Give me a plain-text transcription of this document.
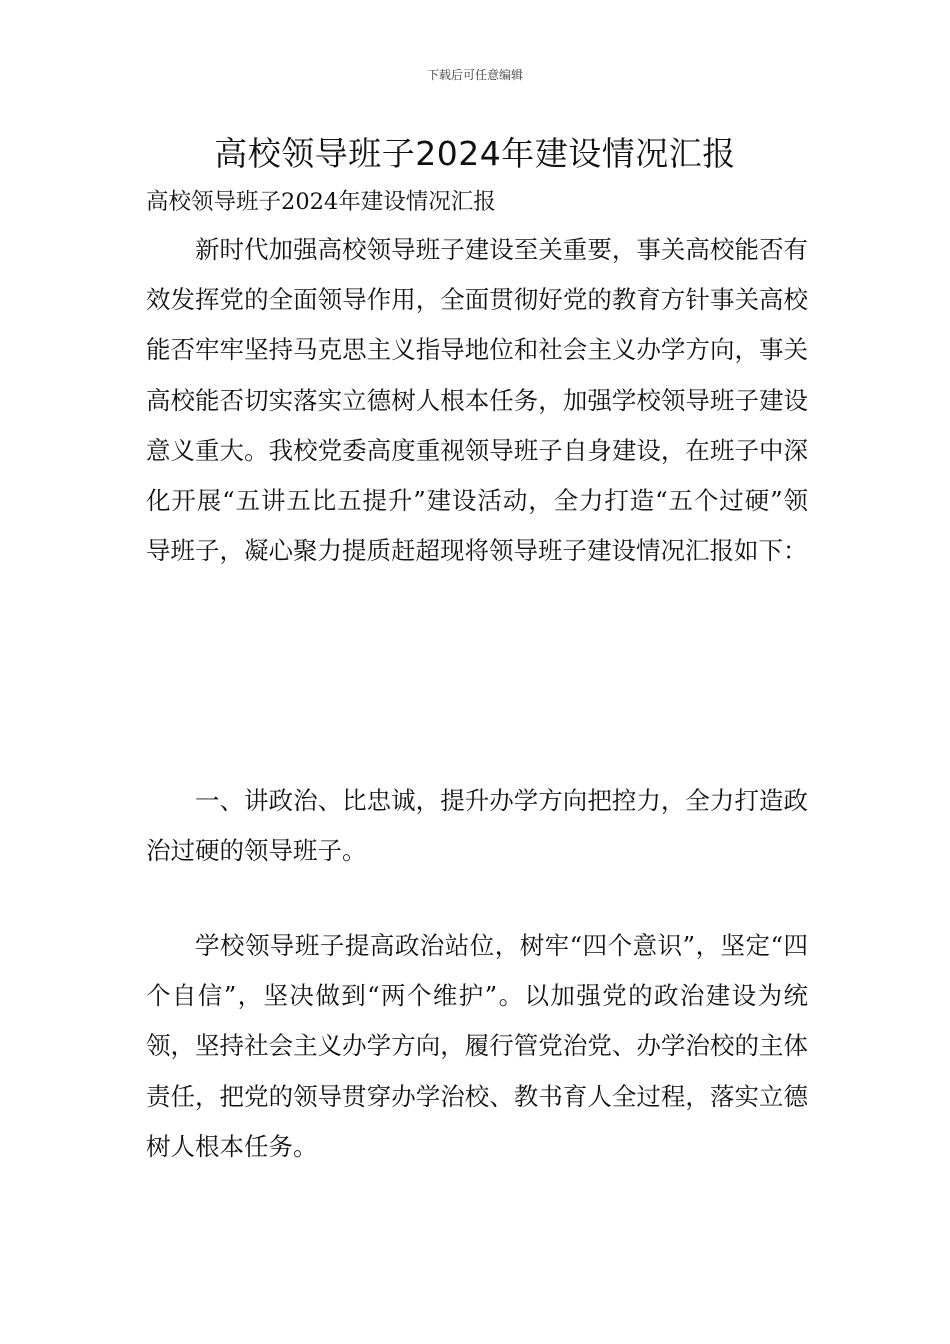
下载后可任意编辑
高校领导班子2024年建设情况汇报
高校领导班子2024年建设情况汇报

新时代加强高校领导班子建设至关重要，事关高校能否有效发挥党的全面领导作用，全面贯彻好党的教育方针事关高校能否牢牢坚持马克思主义指导地位和社会主义办学方向，事关高校能否切实落实立德树人根本任务，加强学校领导班子建设意义重大。我校党委高度重视领导班子自身建设，在班子中深化开展“五讲五比五提升”建设活动，全力打造“五个过硬”领导班子，凝心聚力提质赶超现将领导班子建设情况汇报如下：

一、讲政治、比忠诚，提升办学方向把控力，全力打造政治过硬的领导班子。

学校领导班子提高政治站位，树牢“四个意识”，坚定“四个自信”，坚决做到“两个维护”。以加强党的政治建设为统领，坚持社会主义办学方向，履行管党治党、办学治校的主体责任，把党的领导贯穿办学治校、教书育人全过程，落实立德树人根本任务。
